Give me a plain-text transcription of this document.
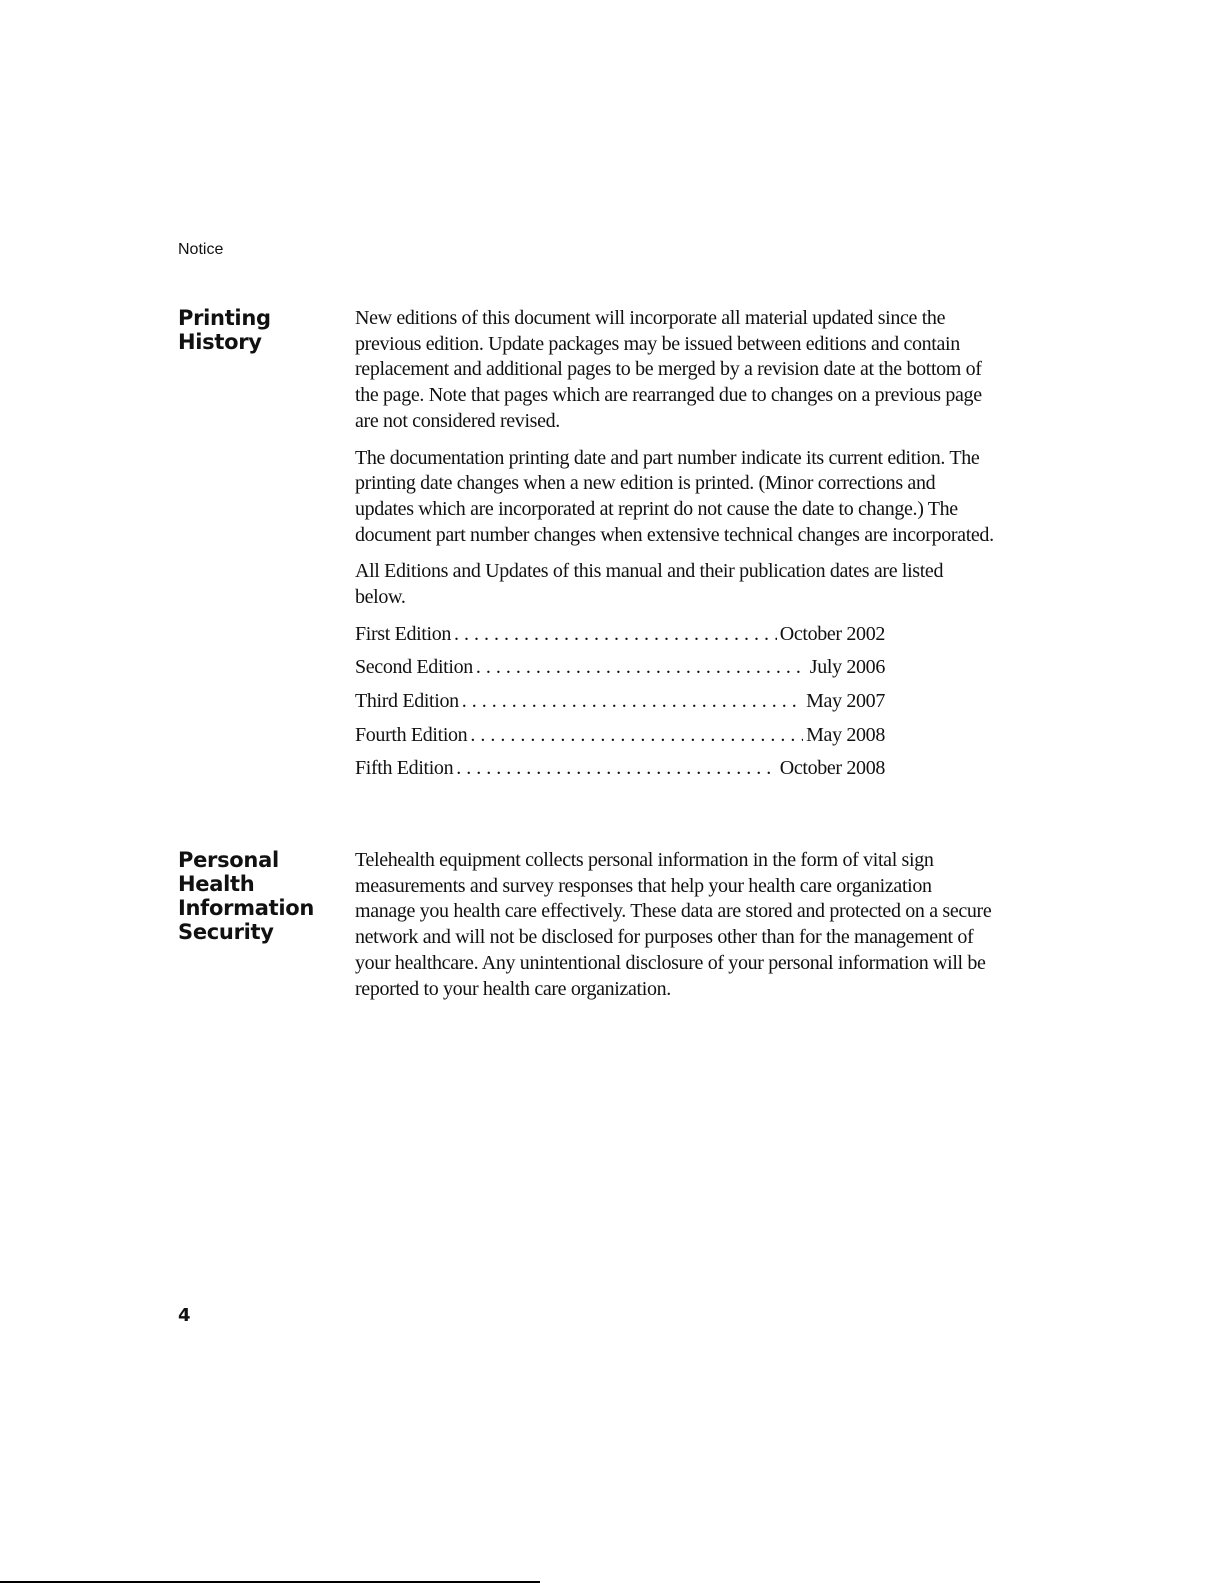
Notice
Printing History

New editions of this document will incorporate all material updated since the previous edition. Update packages may be issued between editions and contain replacement and additional pages to be merged by a revision date at the bottom of the page. Note that pages which are rearranged due to changes on a previous page are not considered revised.

The documentation printing date and part number indicate its current edition. The printing date changes when a new edition is printed. (Minor corrections and updates which are incorporated at reprint do not cause the date to change.) The document part number changes when extensive technical changes are incorporated.

All Editions and Updates of this manual and their publication dates are listed below.

First Edition . . .	October 2002
Second Edition . . .	July 2006
Third Edition . . .	May 2007
Fourth Edition . . .	May 2008
Fifth Edition . . .	October 2008
Personal Health Information Security

Telehealth equipment collects personal information in the form of vital sign measurements and survey responses that help your health care organization manage you health care effectively. These data are stored and protected on a secure network and will not be disclosed for purposes other than for the management of your healthcare. Any unintentional disclosure of your personal information will be reported to your health care organization.

4
